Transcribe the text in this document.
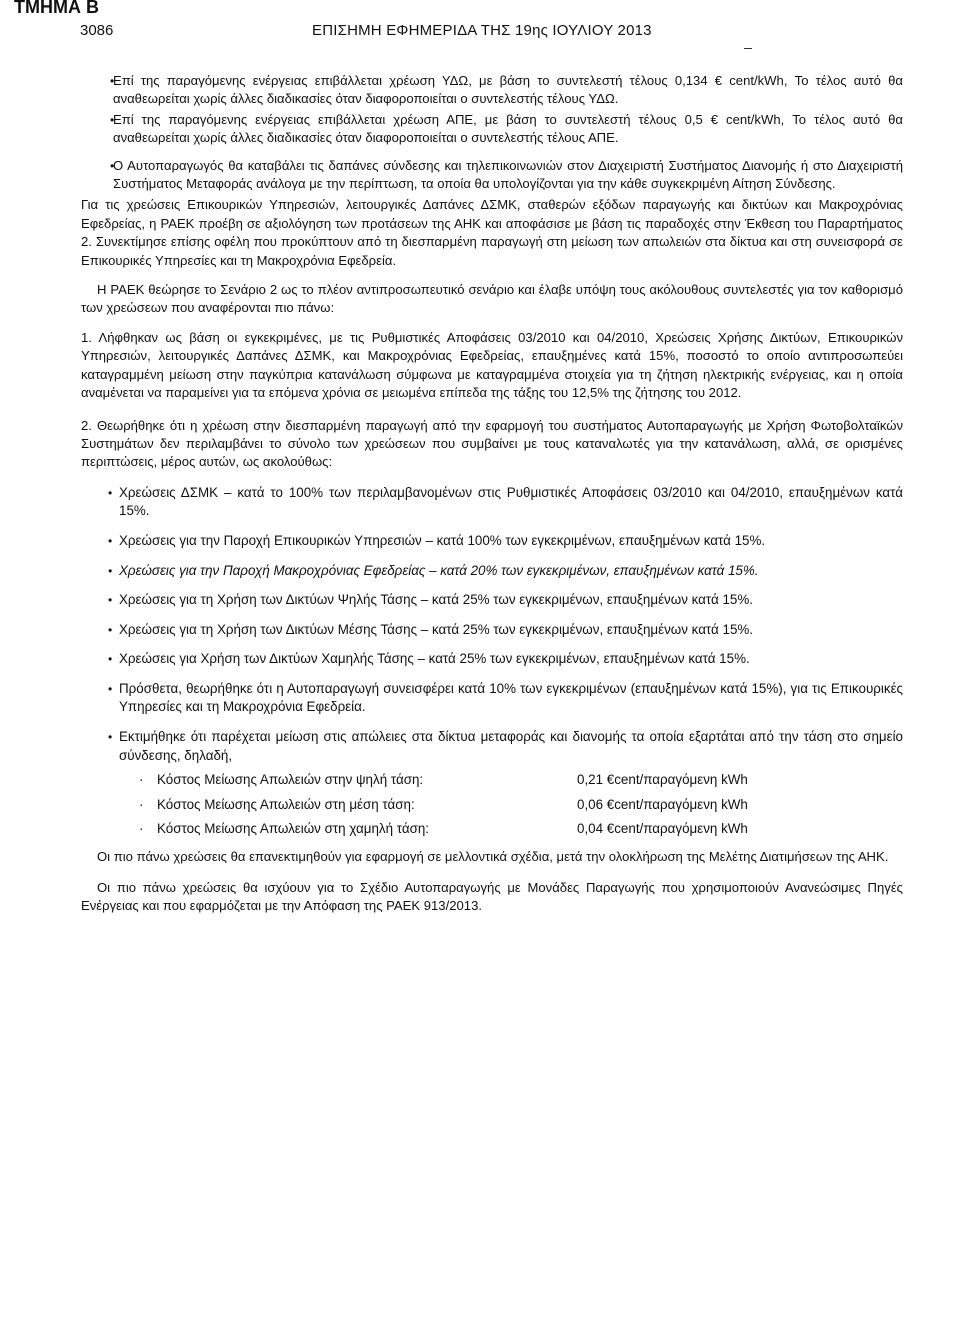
ΤΜΗΜΑ Β
3086	ΕΠΙΣΗΜΗ ΕΦΗΜΕΡΙΔΑ ΤΗΣ 19ης ΙΟΥΛΙΟΥ 2013
• Επί της παραγόμενης ενέργειας επιβάλλεται χρέωση ΥΔΩ, με βάση το συντελεστή τέλους 0,134 € cent/kWh, Το τέλος αυτό θα αναθεωρείται χωρίς άλλες διαδικασίες όταν διαφοροποιείται ο συντελεστής τέλους ΥΔΩ.
• Επί της παραγόμενης ενέργειας επιβάλλεται χρέωση ΑΠΕ, με βάση το συντελεστή τέλους 0,5 € cent/kWh, Το τέλος αυτό θα αναθεωρείται χωρίς άλλες διαδικασίες όταν διαφοροποιείται ο συντελεστής τέλους ΑΠΕ.
• Ο Αυτοπαραγωγός θα καταβάλει τις δαπάνες σύνδεσης και τηλεπικοινωνιών στον Διαχειριστή Συστήματος Διανομής ή στο Διαχειριστή Συστήματος Μεταφοράς ανάλογα με την περίπτωση, τα οποία θα υπολογίζονται για την κάθε συγκεκριμένη Αίτηση Σύνδεσης.
Για τις χρεώσεις Επικουρικών Υπηρεσιών, λειτουργικές Δαπάνες ΔΣΜΚ, σταθερών εξόδων παραγωγής και δικτύων και Μακροχρόνιας Εφεδρείας, η ΡΑΕΚ προέβη σε αξιολόγηση των προτάσεων της ΑΗΚ και αποφάσισε με βάση τις παραδοχές στην Έκθεση του Παραρτήματος 2. Συνεκτίμησε επίσης οφέλη που προκύπτουν από τη διεσπαρμένη παραγωγή στη μείωση των απωλειών στα δίκτυα και στη συνεισφορά σε Επικουρικές Υπηρεσίες και τη Μακροχρόνια Εφεδρεία.
Η ΡΑΕΚ θεώρησε το Σενάριο 2 ως το πλέον αντιπροσωπευτικό σενάριο και έλαβε υπόψη τους ακόλουθους συντελεστές για τον καθορισμό των χρεώσεων που αναφέρονται πιο πάνω:
1. Λήφθηκαν ως βάση οι εγκεκριμένες, με τις Ρυθμιστικές Αποφάσεις 03/2010 και 04/2010, Χρεώσεις Χρήσης Δικτύων, Επικουρικών Υπηρεσιών, λειτουργικές Δαπάνες ΔΣΜΚ, και Μακροχρόνιας Εφεδρείας, επαυξημένες κατά 15%, ποσοστό το οποίο αντιπροσωπεύει καταγραμμένη μείωση στην παγκύπρια κατανάλωση σύμφωνα με καταγραμμένα στοιχεία για τη ζήτηση ηλεκτρικής ενέργειας, και η οποία αναμένεται να παραμείνει για τα επόμενα χρόνια σε μειωμένα επίπεδα της τάξης του 12,5% της ζήτησης του 2012.
2. Θεωρήθηκε ότι η χρέωση στην διεσπαρμένη παραγωγή από την εφαρμογή του συστήματος Αυτοπαραγωγής με Χρήση Φωτοβολταϊκών Συστημάτων δεν περιλαμβάνει το σύνολο των χρεώσεων που συμβαίνει με τους καταναλωτές για την κατανάλωση, αλλά, σε ορισμένες περιπτώσεις, μέρος αυτών, ως ακολούθως:
• Χρεώσεις ΔΣΜΚ – κατά το 100% των περιλαμβανομένων στις Ρυθμιστικές Αποφάσεις 03/2010 και 04/2010, επαυξημένων κατά 15%.
• Χρεώσεις για την Παροχή Επικουρικών Υπηρεσιών – κατά 100% των εγκεκριμένων, επαυξημένων κατά 15%.
• Χρεώσεις για την Παροχή Μακροχρόνιας Εφεδρείας – κατά 20% των εγκεκριμένων, επαυξημένων κατά 15%.
• Χρεώσεις για τη Χρήση των Δικτύων Ψηλής Τάσης – κατά 25% των εγκεκριμένων, επαυξημένων κατά 15%.
• Χρεώσεις για τη Χρήση των Δικτύων Μέσης Τάσης – κατά 25% των εγκεκριμένων, επαυξημένων κατά 15%.
• Χρεώσεις για Χρήση των Δικτύων Χαμηλής Τάσης – κατά 25% των εγκεκριμένων, επαυξημένων κατά 15%.
• Πρόσθετα, θεωρήθηκε ότι η Αυτοπαραγωγή συνεισφέρει κατά 10% των εγκεκριμένων (επαυξημένων κατά 15%), για τις Επικουρικές Υπηρεσίες και τη Μακροχρόνια Εφεδρεία.
• Εκτιμήθηκε ότι παρέχεται μείωση στις απώλειες στα δίκτυα μεταφοράς και διανομής τα οποία εξαρτάται από την τάση στο σημείο σύνδεσης, δηλαδή,
·	Κόστος Μείωσης Απωλειών στην ψηλή τάση:	0,21 €cent/παραγόμενη kWh
·	Κόστος Μείωσης Απωλειών στη μέση τάση:	0,06 €cent/παραγόμενη kWh
·	Κόστος Μείωσης Απωλειών στη χαμηλή τάση:	0,04 €cent/παραγόμενη kWh
Οι πιο πάνω χρεώσεις θα επανεκτιμηθούν για εφαρμογή σε μελλοντικά σχέδια, μετά την ολοκλήρωση της Μελέτης Διατιμήσεων της ΑΗΚ.
Οι πιο πάνω χρεώσεις θα ισχύουν για το Σχέδιο Αυτοπαραγωγής με Μονάδες Παραγωγής που χρησιμοποιούν Ανανεώσιμες Πηγές Ενέργειας και που εφαρμόζεται με την Απόφαση της ΡΑΕΚ 913/2013.
